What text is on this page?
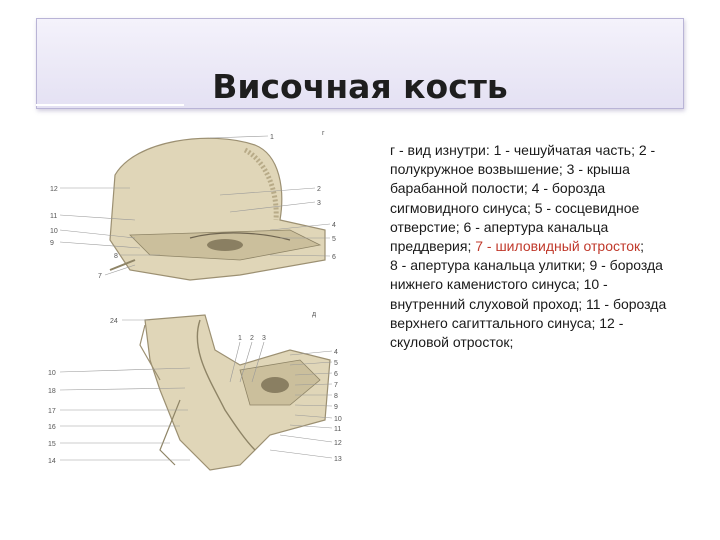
Височная кость
1
г
12	2
3
11
10
4
5
9
8	6
7
24
д
1 2 3
4
5
10	6
7
18
8
17
9
10
16	11
15	12
14	13
г - вид изнутри: 1 - чешуйчатая часть; 2 - полукружное возвышение; 3 - крыша барабанной полости; 4 - борозда сигмовидного синуса; 5 - сосцевидное отверстие; 6 - апертура канальца преддверия; 7 - шиловидный отросток;
8 - апертура канальца улитки; 9 - борозда нижнего каменистого синуса; 10 - внутренний слуховой проход; 11 - борозда верхнего сагиттального синуса; 12 - скуловой отросток;
